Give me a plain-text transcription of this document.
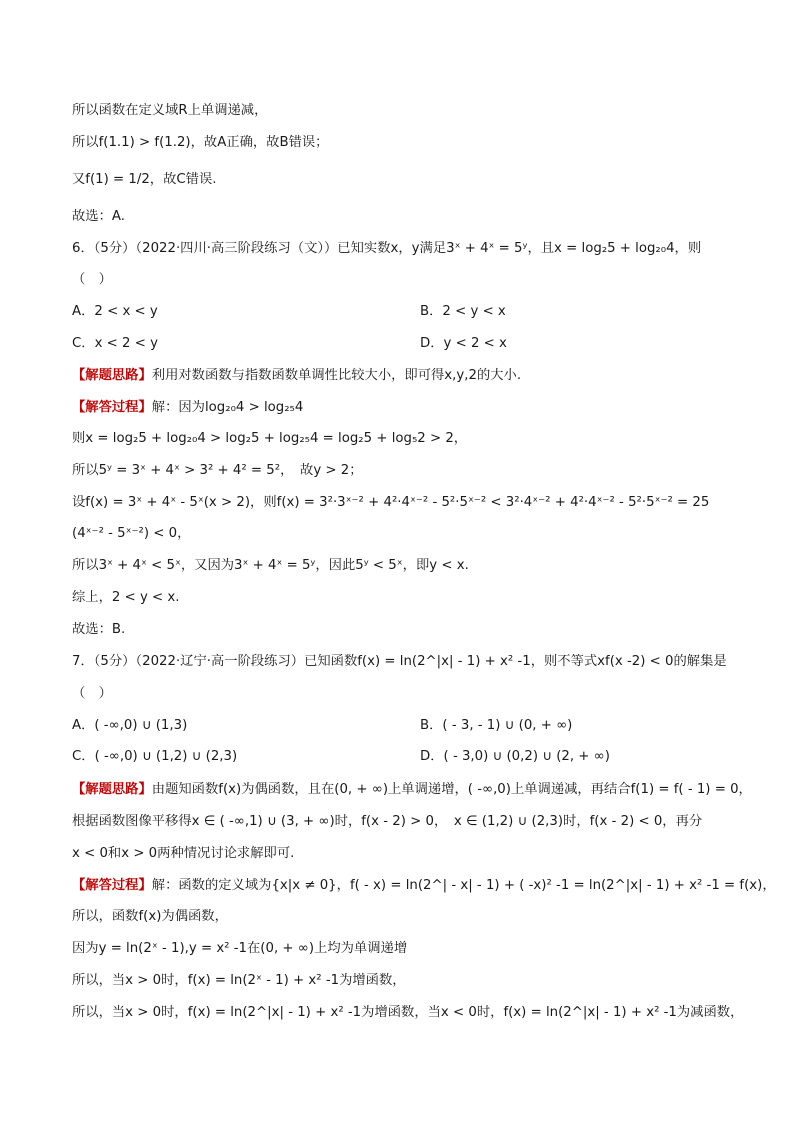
所以函数在定义域R上单调递减，
所以f(1.1) > f(1.2)，故A正确，故B错误；
又f(1) = 1/2，故C错误.
故选：A.
6．（5分）（2022·四川·高三阶段练习（文））已知实数x，y满足3ˣ + 4ˣ = 5ʸ，且x = log₂5 + log₂₀4，则
（　）
A．2 < x < y	B．2 < y < x
C．x < 2 < y	D．y < 2 < x
【解题思路】利用对数函数与指数函数单调性比较大小，即可得x,y,2的大小.
【解答过程】解：因为log₂₀4 > log₂₅4
则x = log₂5 + log₂₀4 > log₂5 + log₂₅4 = log₂5 + log₅2 > 2，
所以5ʸ = 3ˣ + 4ˣ > 3² + 4² = 5²，　故y > 2；
设f(x) = 3ˣ + 4ˣ - 5ˣ(x > 2)，则f(x) = 3²·3ˣ⁻² + 4²·4ˣ⁻² - 5²·5ˣ⁻² < 3²·4ˣ⁻² + 4²·4ˣ⁻² - 5²·5ˣ⁻² = 25
(4ˣ⁻² - 5ˣ⁻²) < 0，
所以3ˣ + 4ˣ < 5ˣ，又因为3ˣ + 4ˣ = 5ʸ，因此5ʸ < 5ˣ，即y < x.
综上，2 < y < x.
故选：B.
7．（5分）（2022·辽宁·高一阶段练习）已知函数f(x) = ln(2^|x| - 1) + x² -1，则不等式xf(x -2) < 0的解集是
（　）
A．( -∞,0) ∪ (1,3)	B．( - 3, - 1) ∪ (0, + ∞)
C．( -∞,0) ∪ (1,2) ∪ (2,3)	D．( - 3,0) ∪ (0,2) ∪ (2, + ∞)
【解题思路】由题知函数f(x)为偶函数，且在(0, + ∞)上单调递增，( -∞,0)上单调递减，再结合f(1) = f( - 1) = 0，
根据函数图像平移得x ∈ ( -∞,1) ∪ (3, + ∞)时，f(x - 2) > 0，　x ∈ (1,2) ∪ (2,3)时，f(x - 2) < 0，再分
x < 0和x > 0两种情况讨论求解即可.
【解答过程】解：函数的定义域为{x|x ≠ 0}，f( - x) = ln(2^| - x| - 1) + ( -x)² -1 = ln(2^|x| - 1) + x² -1 = f(x)，
所以，函数f(x)为偶函数，
因为y = ln(2ˣ - 1),y = x² -1在(0, + ∞)上均为单调递增
所以，当x > 0时，f(x) = ln(2ˣ - 1) + x² -1为增函数，
所以，当x > 0时，f(x) = ln(2^|x| - 1) + x² -1为增函数，当x < 0时，f(x) = ln(2^|x| - 1) + x² -1为减函数，
